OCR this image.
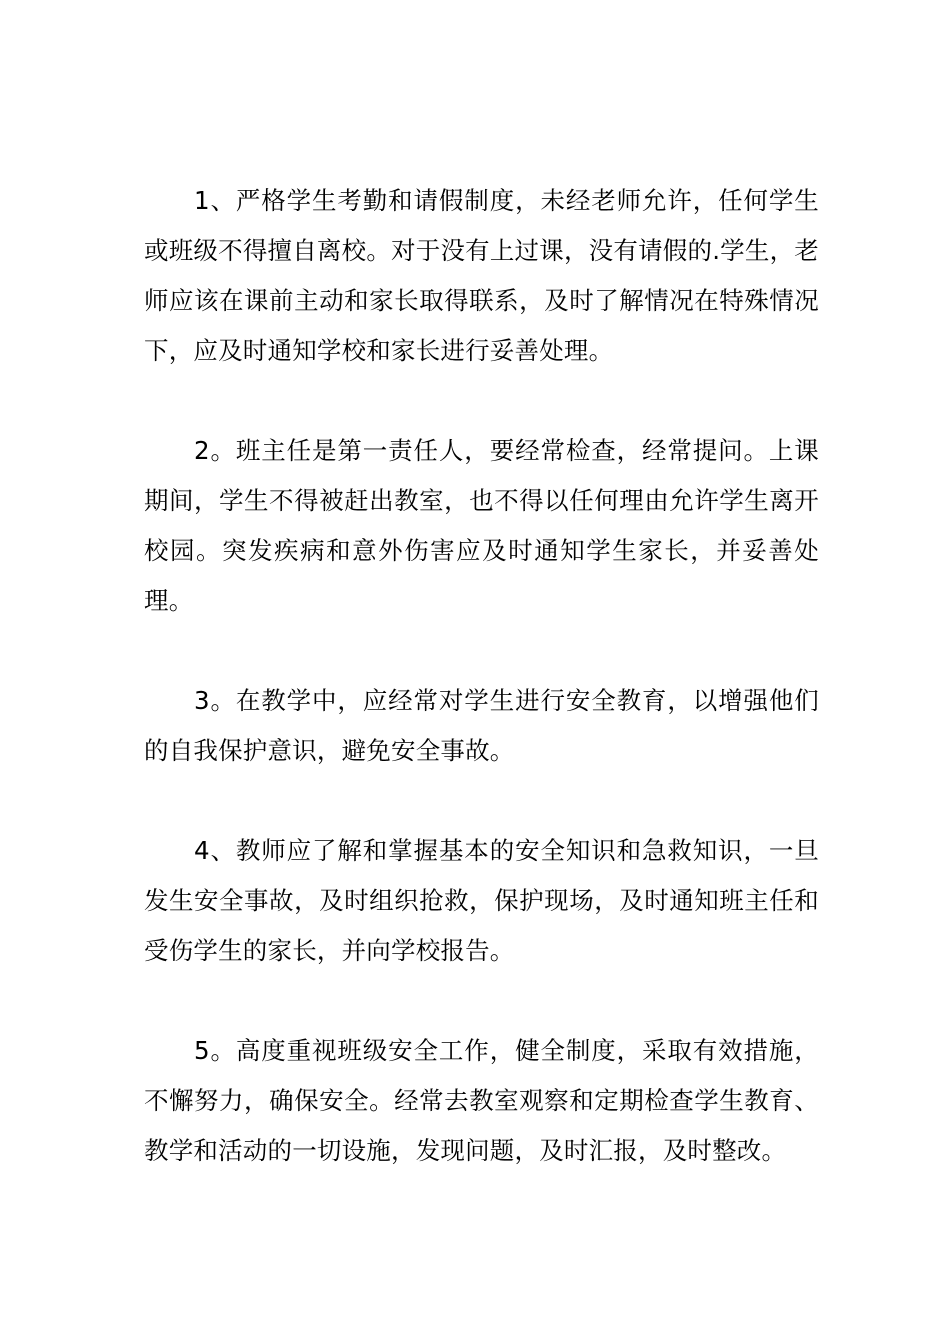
1、严格学生考勤和请假制度，未经老师允许，任何学生或班级不得擅自离校。对于没有上过课，没有请假的.学生，老师应该在课前主动和家长取得联系，及时了解情况在特殊情况下，应及时通知学校和家长进行妥善处理。

2。班主任是第一责任人，要经常检查，经常提问。上课期间，学生不得被赶出教室，也不得以任何理由允许学生离开校园。突发疾病和意外伤害应及时通知学生家长，并妥善处理。

3。在教学中，应经常对学生进行安全教育，以增强他们的自我保护意识，避免安全事故。

4、教师应了解和掌握基本的安全知识和急救知识，一旦发生安全事故，及时组织抢救，保护现场，及时通知班主任和受伤学生的家长，并向学校报告。

5。高度重视班级安全工作，健全制度，采取有效措施，不懈努力，确保安全。经常去教室观察和定期检查学生教育、教学和活动的一切设施，发现问题，及时汇报，及时整改。
